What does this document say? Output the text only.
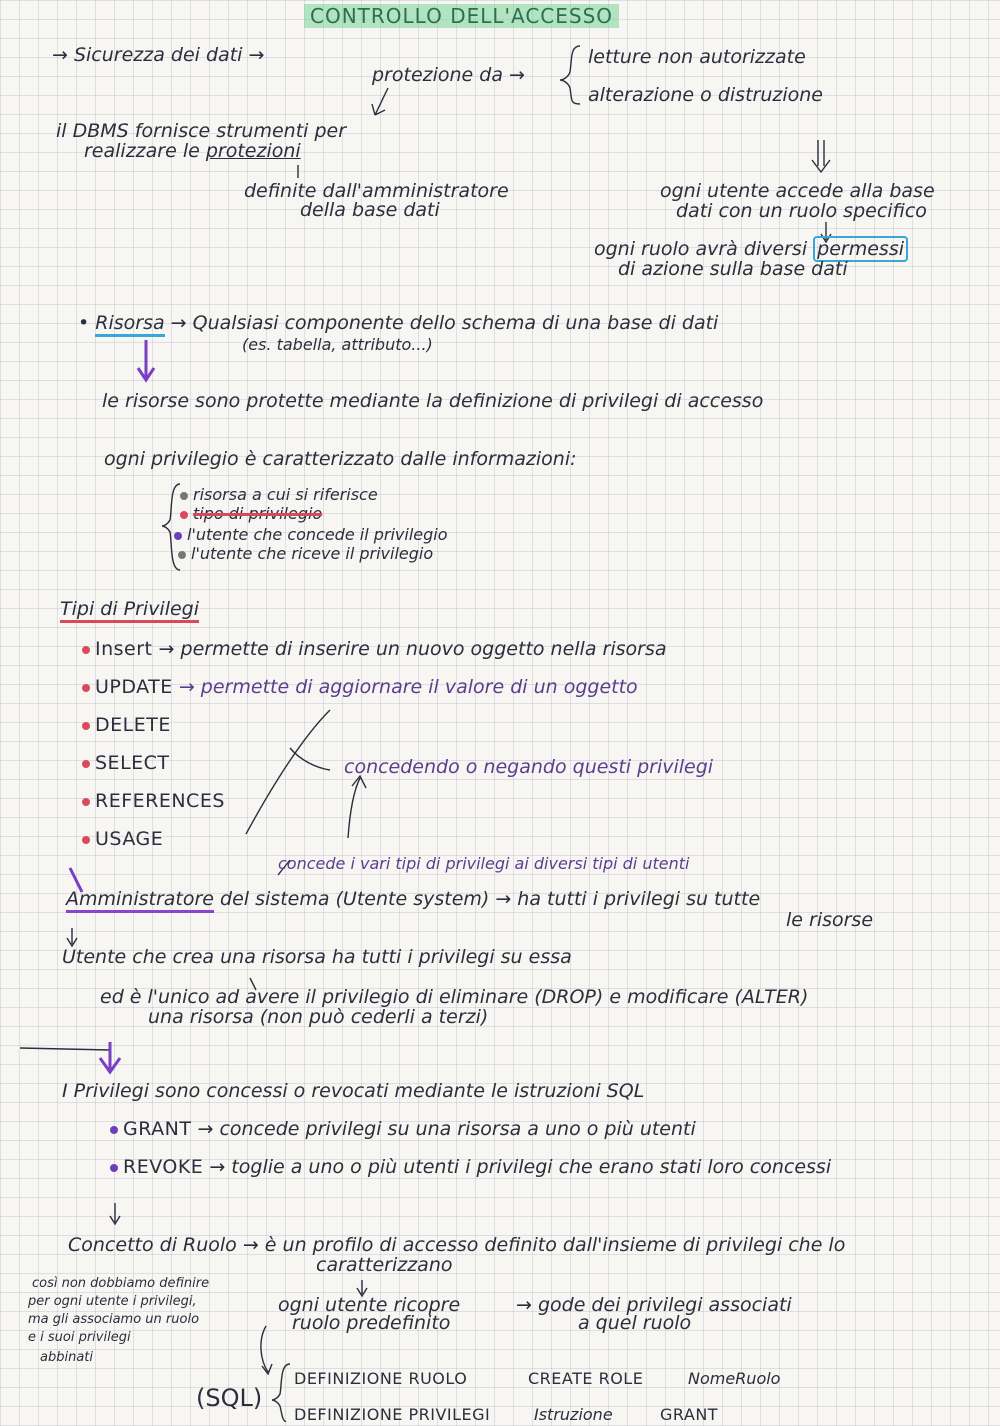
CONTROLLO DELL'ACCESSO
→ Sicurezza dei dati →
protezione da →
letture non autorizzate
alterazione o distruzione
il DBMS fornisce strumenti per
realizzare le protezioni
definite dall'amministratore
della base dati
ogni utente accede alla base
dati con un ruolo specifico
ogni ruolo avrà diversi permessi
di azione sulla base dati
• Risorsa → Qualsiasi componente dello schema di una base di dati
(es. tabella, attributo...)
le risorse sono protette mediante la definizione di privilegi di accesso
ogni privilegio è caratterizzato dalle informazioni:
risorsa a cui si riferisce
tipo di privilegio
l'utente che concede il privilegio
l'utente che riceve il privilegio
Tipi di Privilegi
Insert → permette di inserire un nuovo oggetto nella risorsa
UPDATE → permette di aggiornare il valore di un oggetto
DELETE
SELECT
REFERENCES
USAGE
concedendo o negando questi privilegi
concede i vari tipi di privilegi ai diversi tipi di utenti
Amministratore del sistema (Utente system) → ha tutti i privilegi su tutte
le risorse
Utente che crea una risorsa ha tutti i privilegi su essa
ed è l'unico ad avere il privilegio di eliminare (DROP) e modificare (ALTER)
una risorsa (non può cederli a terzi)
I Privilegi sono concessi o revocati mediante le istruzioni SQL
GRANT → concede privilegi su una risorsa a uno o più utenti
REVOKE → toglie a uno o più utenti i privilegi che erano stati loro concessi
Concetto di Ruolo → è un profilo di accesso definito dall'insieme di privilegi che lo
caratterizzano
ogni utente ricopre
ruolo predefinito
→ gode dei privilegi associati
a quel ruolo
così non dobbiamo definire
per ogni utente i privilegi,
ma gli associamo un ruolo
e i suoi privilegi
abbinati
(SQL)
DEFINIZIONE RUOLO	CREATE ROLE	NomeRuolo
DEFINIZIONE PRIVILEGI	Istruzione	GRANT
